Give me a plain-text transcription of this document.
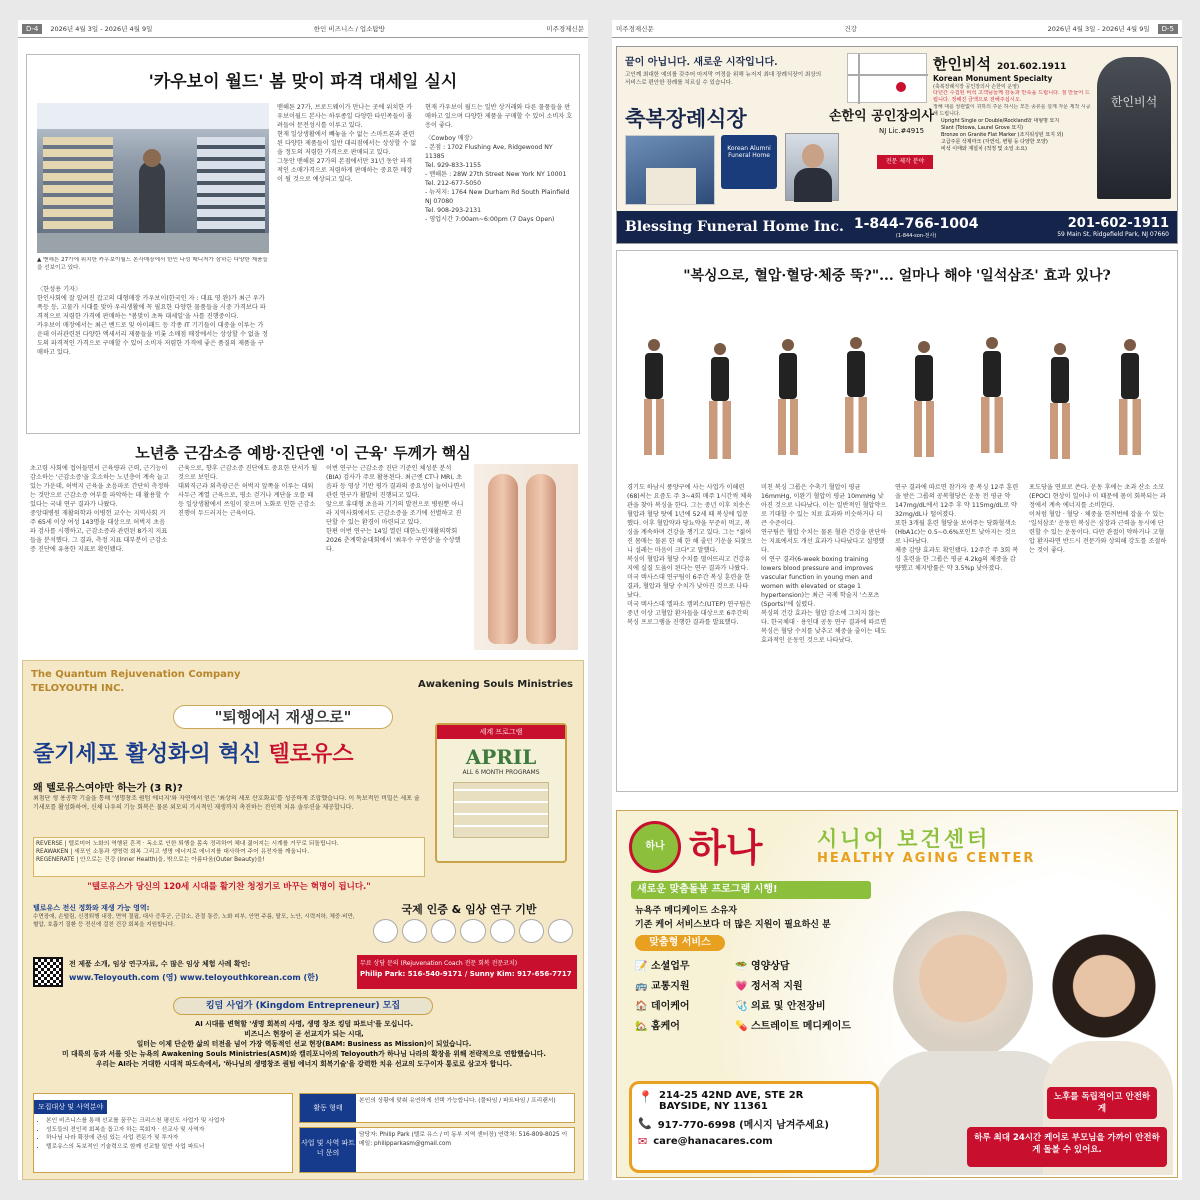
D-4	2026년 4월 3일 - 2026년 4월 9일	한인 비즈니스 / 업소탐방	미주경제신문
'카우보이 월드' 봄 맞이 파격 대세일 실시
▲ 맨해튼 27가에 위치한 카우보이월드 본사매장에서 한인 나성 매니저가 삼하는 다양한 제품들을 선보이고 있다.
〈한성용 기자〉
한인사회에 잘 알려진 잡고의 대형매장 카우보이(한국인 자 : 대표 영 완)가 최근 우가 폭등 등, 고물가 시대를 맞아 우리생활에 꼭 필요한 다양한 물품들을 시중 가격보다 파격적으로 저렴한 가격에 판매하는 "봄맞이 초특 대세일'을 사를 진행중이다.
카우보이 매장에서는 최근 밴드로 및 아이패드 등 각종 IT 기기들이 대중을 이루는 가운데 이러관련된 다양한 액세서리 제품들을 비롯 소매점 매장에서는 상상할 수 없을 정도의 파격적인 가격으로 구매할 수 있어 소비자 저렴한 가격에 좋은 품질의 제품을 구매하고 있다.
맨해튼 27가, 브로드웨이가 만나는 곳에 위치한 카우보이월드 본사는 하루종일 다양한 타민족들이 몰려들어 문전성시를 이루고 있다.
현재 일상생활에서 빼놓을 수 없는 스마트폰과 관련된 다양한 제품들이 일반 대리점에서는 상상할 수 없을 정도의 저렴한 가격으로 판매되고 있다.
그동안 맨해튼 27가의 본점에서만 31년 동안 파격적인 소매가격으로 저렴하게 판매하는 중요한 매장이 될 것으로 예상되고 있다.
현재 카우보이 월드는 일반 상거래와 다른 물품들을 판매하고 있으며 다양한 제품을 구매할 수 있어 소비자 호응이 좋다.
〈Cowboy 매장〉
- 본점 : 1702 Flushing Ave, Ridgewood NY 11385
Tel. 929-833-1155
- 맨해튼 : 28W 27th Street New York NY 10001
Tel. 212-677-5050
- 뉴저지: 1764 New Durham Rd South Plainfield NJ 07080
Tel. 908-293-2131
- 영업시간 7:00am~6:00pm (7 Days Open)
노년층 근감소증 예방·진단엔 '이 근육' 두께가 핵심
초고령 사회에 접어들면서 근육량과 근력, 근기능이 감소하는 '근감소증'을 호소하는 노년층이 계속 늘고 있는 가운데, 허벅지 근육을 초음파로 간단히 측정하는 것만으로 근감소증 여부를 파악하는 데 활용할 수 있다는 국내 연구 결과가 나왔다.
중앙대병원 재활의학과 이병헌 교수는 지역사회 거주 65세 이상 여성 143명을 대상으로 허벅지 초음파 검사를 시행하고, 근감소증과 관련된 8가지 지표들을 분석했다. 그 결과, 측정 지표 대부분이 근감소증 진단에 유용한 지표로 확인됐다.
근육으로, 향후 근감소증 진단에도 중요한 단서가 될 것으로 보인다.
대퇴직근과 외측광근은 허벅지 앞쪽을 이루는 대퇴사두근 계열 근육으로, 평소 걷거나 계단을 오를 때 등 일상생활에서 쓰임이 잦으며 노화로 인한 근감소 진행이 두드러지는 근육이다.
이번 연구는 근감소증 진단 기준인 체성분 분석(BIA) 검사가 주로 활용된다. 최근엔 CT나 MRI, 초음파 등 영상 기반 평가 결과의 중요성이 늘어나면서 관련 연구가 활발히 진행되고 있다.
앞으로 휴대형 초음파 기기의 발전으로 병원뿐 아니라 지역사회에서도 근감소증을 조기에 선별하고 진단할 수 있는 환경이 마련되고 있다.
한편 이번 연구는 14일 열린 대한노인재활의학회 2026 춘계학술대회에서 '최우수 구연상'을 수상했다.
The Quantum Rejuvenation Company
TELOYOUTH INC.	Awakening Souls Ministries
"퇴행에서 재생으로"
줄기세포 활성화의 혁신 텔로유스
왜 텔로유스여야만 하는가 (3 R)?
최첨단 생 용공학 기술을 통해 '생명창조 퀀텀 에너지'와 자연에서 얻은 '최상의 세포 산호화효'를 성공하게 조합했습니다. 이 독보적인 비밀은 세포 줄기세포를 활성화하여, 신체 나우의 기능 회복은 물론 외모의 기시적인 재생까지 촉진하는 전인적 치유 솔루션을 제공합니다.
REVERSE | 텔로미어 노화의 역행된 흔적 · 독소로 인한 퇴행을 몸속 정리하여 체내 젊어지는 시계를 거꾸로 되돌립니다.
REAWAKEN | 세포인 소통과 생명력 회복 그리고 생명 에너지로 에너지를 대사하여 주어 유전자를 깨웁니다.
REGENERATE | 안으로는 건강 (Inner Health)을, 밖으로는 아름다움(Outer Beauty)을!
"텔로유스가 당신의 120세 시대를 활기찬 청정기로 바꾸는 혁명이 됩니다."
세계 프로그램
APRIL
ALL 6 MONTH PROGRAMS
국제 인증 & 임상 연구 기반
텔로유스 전신 정화와 재생 가능 영역:
수면장애, 손떨림, 신경퇴행 내장, 면역 결핍, 대사 증후군, 근감소, 관절 통증, 노화 피부, 안면 주름, 탈모, 노안, 시력저하, 체중·비만, 혈압, 호흡기 질환 등 전신에 걸친 건강 회복을 지원합니다.
전 제품 소개, 임상 연구자료, 수 많은 임상 체험 사례 확인:
www.Teloyouth.com (영) www.teloyouthkorean.com (한)
무료 상담 문의 (Rejuvenation Coach 전문 회복 전문코치)
Philip Park: 516-540-9171 / Sunny Kim: 917-656-7717
킹덤 사업가 (Kingdom Entrepreneur) 모집
AI 시대를 변혁할 '생명 회복의 사명, 생명 창조 킹덤 파트너'를 모십니다.
비즈니스 현장이 곧 선교지가 되는 시대,
일터는 이제 단순한 삶의 터전을 넘어 가장 역동적인 선교 현장(BAM: Business as Mission)이 되었습니다.
미 대륙의 동과 서를 잇는 뉴욕의 Awakening Souls Ministries(ASM)와 캘리포니아의 Teloyouth가 하나님 나라의 확장을 위해 전략적으로 연합했습니다.
우리는 AI라는 거대한 시대적 파도속에서, '하나님의 생명창조 퀀텀 에너지 회복기술'을 강력한 치유 선교의 도구이자 통로로 삼고자 합니다.
모집대상 및 사역분야
• 본인 비즈니스를 통해 선교를 꿈꾸는 크리스천 평신도 사업가 및 사업자
• 성도들의 전인적 회복을 돕고자 하는 목회자 · 선교사 및 사역자
• 하나님 나라 확장에 관심 있는 사업 전문가 및 투자자
• 텔로유스의 독보적인 기술력으로 함께 선교할 일반 사업 파트너
활동 형태
본인의 상황에 맞춰 유연하게 선택 가능합니다. (풀타임 / 파트타임 / 프리랜서)
사업 및 사역 파트너 문의
담당자: Philip Park (텔로 유스 / 미 동부 지역 센터장) 연락처: 516-809-8025 이메일: philipparkasm@gmail.com
미주경제신문	건강	2026년 4월 3일 - 2026년 4월 9일	D-5
끝이 아닙니다. 새로운 시작입니다.
고인께 최대한 예의를 갖추어 마지막 여정을 위해 뉴저지 최대 장례식장이 최상의 서비스로 편안한 장례를 치르실 수 있습니다.
축복장례식장
Korean Alumni Funeral Home
손한익 공인장의사
NJ Lic.#4915
한인비석 201.602.1911
Korean Monument Specialty
(축복장례식장 공인장의사 손한익 운영)
다년간 수집된 비석 고객님들께 감동과 만족을 드립니다. 질 만들어 드립니다. 정해진 금액으로 전해주십시오.
정해 대를 상관없이 귀하의 주문 하시는 모든 종류를 설계 자문 제작 시공해 드립니다.
• Upright Single or Double/Rockland와 대형명 묘지
• Slant (Totowa, Laurel Grove 묘지)
• Bronze on Granite Flat Marker (조지워싱턴 묘지 외)
• 고급주문 삭제마크 (자연석, 변형 등 다양한 모양)
• 비석 이태와 재설치 (적정 및 소일 소요)
전문 제작 분야
한인비석
Blessing Funeral Home Inc. 1-844-766-1004
(1-844-son-천사)
201-602-1911
59 Main St, Ridgefield Park, NJ 07660
"복싱으로, 혈압·혈당·체중 뚝?"... 얼마나 해야 '일석삼조' 효과 있나?
경기도 하남시 풍양구에 사는 사업가 이해련(68)씨는 요즘도 주 3~4회 매주 1시간씩 체육관을 찾아 복싱을 한다. 그는 중년 이후 치솟은 혈압과 혈당 탓에 1년에 52세 때 복싱에 입문했다. 이후 혈압약과 당뇨약을 꾸준히 먹고, 복싱을 계속하며 건강을 챙기고 있다. 그는 "젊어진 몸매는 물론 한 해 한 해 줄던 기운을 되찾으니 설레는 마음이 크다"고 말했다.
복싱이 혈압과 혈당 수치를 떨어뜨리고 건강유지에 실질 도움이 된다는 연구 결과가 나왔다. 미국 텍사스대 연구팀이 6주간 복싱 훈련을 한 결과, 혈압과 혈당 수치가 낮아진 것으로 나타났다.
미국 텍사스대 엘파소 캠퍼스(UTEP) 연구팀은 중년 이상 고혈압 환자들을 대상으로 6주간의 복싱 프로그램을 진행한 결과를 발표했다.
미친 복싱 그룹은 수축기 혈압이 평균 16mmHg, 이완기 혈압이 평균 10mmHg 낮아진 것으로 나타났다. 이는 일반적인 혈압약으로 기대할 수 있는 치료 효과와 비슷하거나 더 큰 수준이다.
연구팀은 혈압 수치는 물론 혈관 건강을 판단하는 지표에서도 개선 효과가 나타났다고 설명했다.
이 연구 결과(6-week boxing training lowers blood pressure and improves vascular function in young men and women with elevated or stage 1 hypertension)는 최근 국제 학술지 '스포츠(Sports)'에 실렸다.
복싱의 건강 효과는 혈압 감소에 그치지 않는다. 한국체대 · 용인대 공동 연구 결과에 따르면 복싱은 혈당 수치를 낮추고 체중을 줄이는 데도 효과적인 운동인 것으로 나타났다.
연구 결과에 따르면 참가자 중 복싱 12주 훈련을 받은 그룹의 공복혈당은 운동 전 평균 약 147mg/dL에서 12주 후 약 115mg/dL로 약 32mg/dL나 떨어졌다.
또한 3개월 훈련 혈당을 보여주는 당화혈색소(HbA1c)는 0.5~0.6%포인트 낮아지는 것으로 나타났다.
체중 감량 효과도 확인됐다. 12주간 주 3회 복싱 훈련을 한 그룹은 평균 4.2kg의 체중을 감량했고 체지방률은 약 3.5%p 낮아졌다.
포도당을 연료로 쓴다. 운동 후에는 초과 산소 소모(EPOC) 현상이 일어나 이 때문에 몸이 회복되는 과정에서 계속 에너지를 소비한다.
이처럼 혈압 · 혈당 · 체중을 한꺼번에 잡을 수 있는 '일석삼조' 운동인 복싱은 심장과 근력을 동시에 단련할 수 있는 운동이다. 다만 관절이 약하거나 고혈압 환자라면 반드시 전문가와 상의해 강도를 조절하는 것이 좋다.
하나 하나	시니어 보건센터
HEALTHY AGING CENTER
새로운 맞춤돌봄 프로그램 시행!
뉴욕주 메디케이드 소유자
기존 케어 서비스보다 더 많은 지원이 필요하신 분
맞춤형 서비스
📝 소셜업무	🥗 영양상담
🚌 교통지원	💗 정서적 지원
🏠 데이케어	🩺 의료 및 안전장비
🏡 홈케어	💊 스트레이트 메디케이드
📍 214-25 42ND AVE, STE 2R
BAYSIDE, NY 11361
📞 917-770-6998 (메시지 남겨주세요)
✉ care@hanacares.com
노후를 독립적이고 안전하게
하루 최대 24시간 케어로 부모님을 가까이 안전하게 돌볼 수 있어요.
